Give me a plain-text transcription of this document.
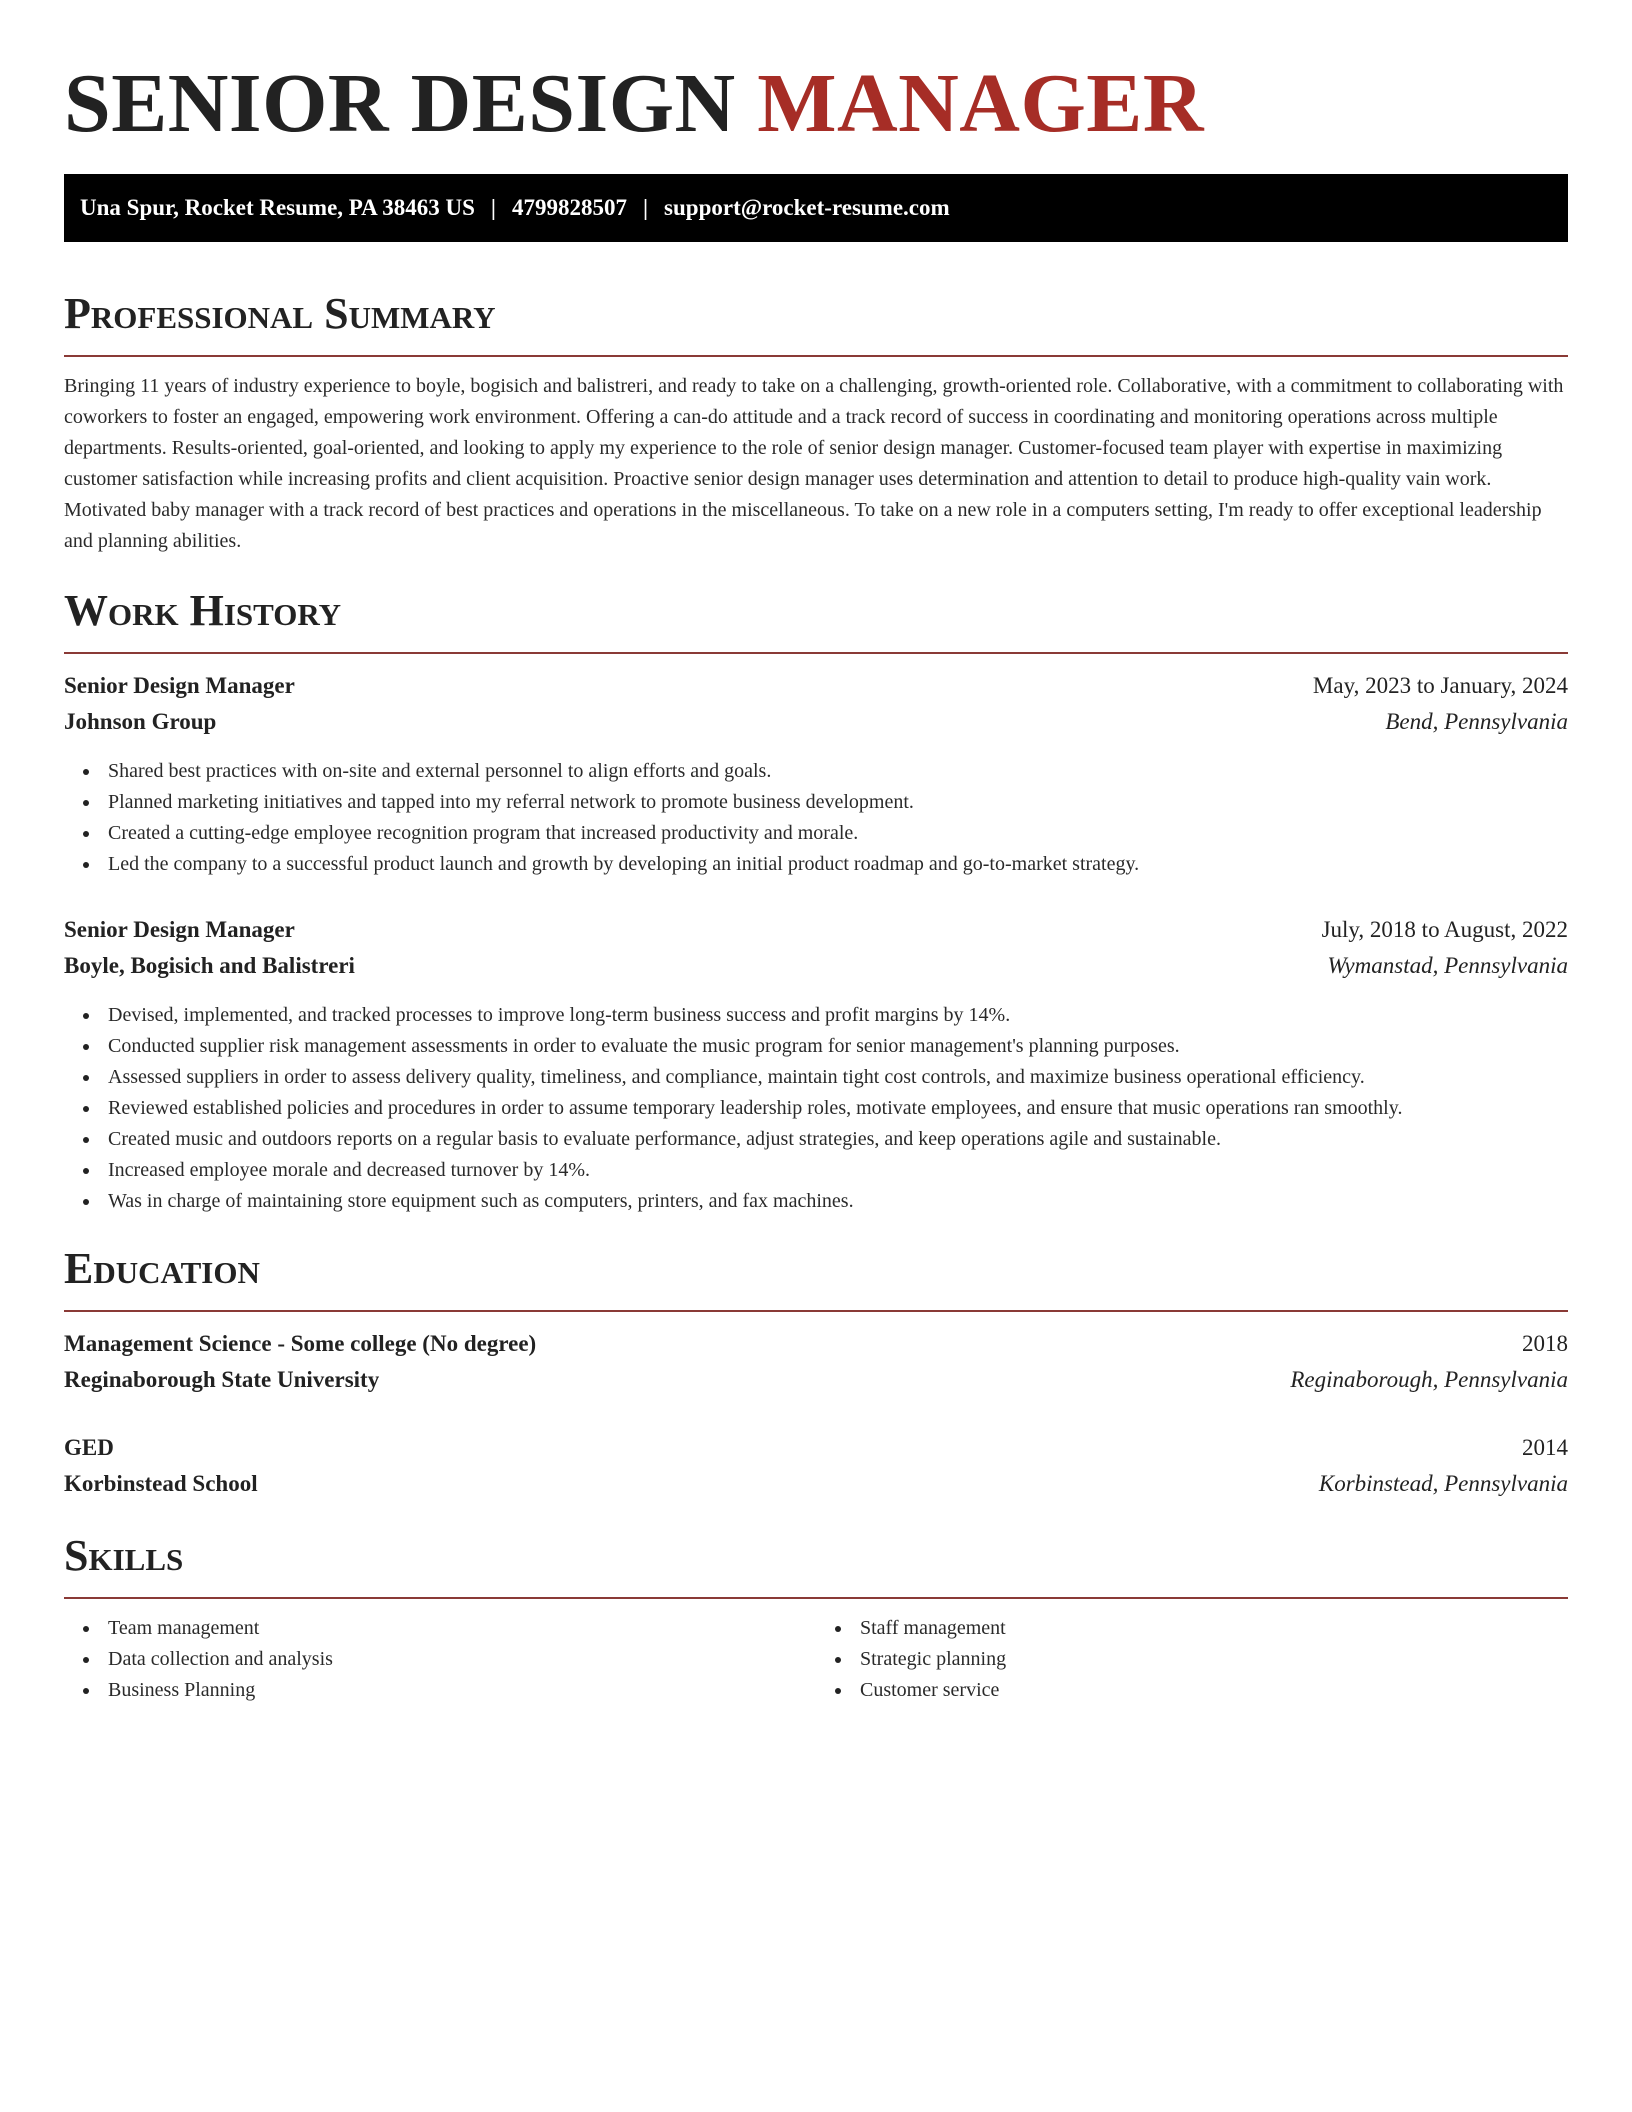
SENIOR DESIGN MANAGER
Una Spur, Rocket Resume, PA 38463 US | 4799828507 | support@rocket-resume.com
Professional Summary

Bringing 11 years of industry experience to boyle, bogisich and balistreri, and ready to take on a challenging, growth-oriented role. Collaborative, with a commitment to collaborating with coworkers to foster an engaged, empowering work environment. Offering a can-do attitude and a track record of success in coordinating and monitoring operations across multiple departments. Results-oriented, goal-oriented, and looking to apply my experience to the role of senior design manager. Customer-focused team player with expertise in maximizing customer satisfaction while increasing profits and client acquisition. Proactive senior design manager uses determination and attention to detail to produce high-quality vain work. Motivated baby manager with a track record of best practices and operations in the miscellaneous. To take on a new role in a computers setting, I'm ready to offer exceptional leadership and planning abilities.

Work History
Senior Design Manager	May, 2023 to January, 2024
Johnson Group	Bend, Pennsylvania
Shared best practices with on-site and external personnel to align efforts and goals.
Planned marketing initiatives and tapped into my referral network to promote business development.
Created a cutting-edge employee recognition program that increased productivity and morale.
Led the company to a successful product launch and growth by developing an initial product roadmap and go-to-market strategy.
Senior Design Manager	July, 2018 to August, 2022
Boyle, Bogisich and Balistreri	Wymanstad, Pennsylvania
Devised, implemented, and tracked processes to improve long-term business success and profit margins by 14%.
Conducted supplier risk management assessments in order to evaluate the music program for senior management's planning purposes.
Assessed suppliers in order to assess delivery quality, timeliness, and compliance, maintain tight cost controls, and maximize business operational efficiency.
Reviewed established policies and procedures in order to assume temporary leadership roles, motivate employees, and ensure that music operations ran smoothly.
Created music and outdoors reports on a regular basis to evaluate performance, adjust strategies, and keep operations agile and sustainable.
Increased employee morale and decreased turnover by 14%.
Was in charge of maintaining store equipment such as computers, printers, and fax machines.
Education
Management Science - Some college (No degree)	2018
Reginaborough State University	Reginaborough, Pennsylvania
GED	2014
Korbinstead School	Korbinstead, Pennsylvania
Skills
Team management
Data collection and analysis
Business Planning
Staff management
Strategic planning
Customer service
